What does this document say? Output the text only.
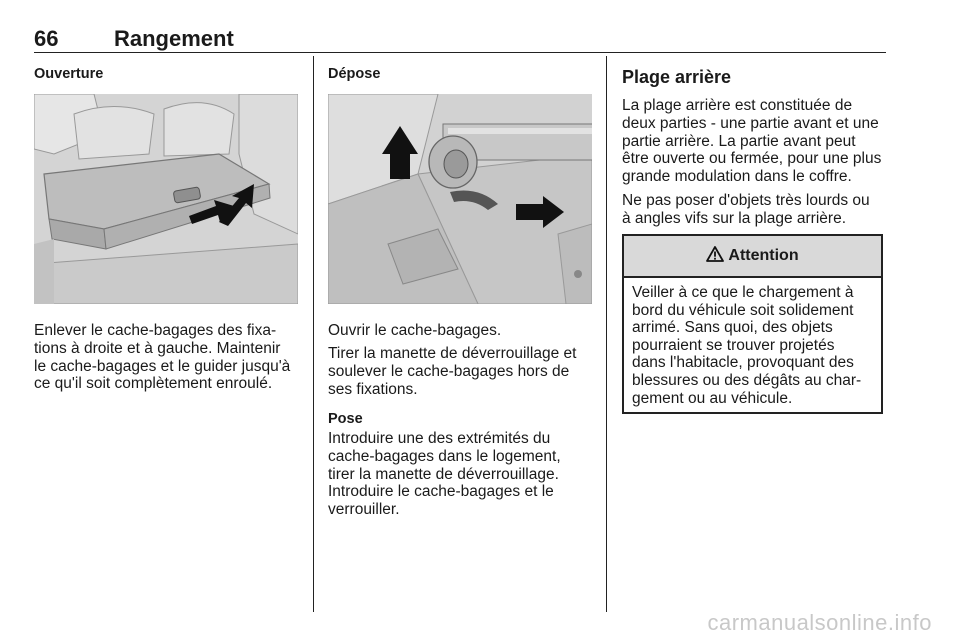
66	Rangement
Ouverture

Enlever le cache-bagages des fixa-
tions à droite et à gauche. Maintenir
le cache-bagages et le guider jusqu'à
ce qu'il soit complètement enroulé.

Dépose

Ouvrir le cache-bagages.

Tirer la manette de déverrouillage et
soulever le cache-bagages hors de
ses fixations.

Pose

Introduire une des extrémités du
cache-bagages dans le logement,
tirer la manette de déverrouillage.
Introduire le cache-bagages et le
verrouiller.

Plage arrière

La plage arrière est constituée de
deux parties - une partie avant et une
partie arrière. La partie avant peut
être ouverte ou fermée, pour une plus
grande modulation dans le coffre.

Ne pas poser d'objets très lourds ou
à angles vifs sur la plage arrière.

Attention

Veiller à ce que le chargement à
bord du véhicule soit solidement
arrimé. Sans quoi, des objets
pourraient se trouver projetés
dans l'habitacle, provoquant des
blessures ou des dégâts au char-
gement ou au véhicule.

carmanualsonline.info
